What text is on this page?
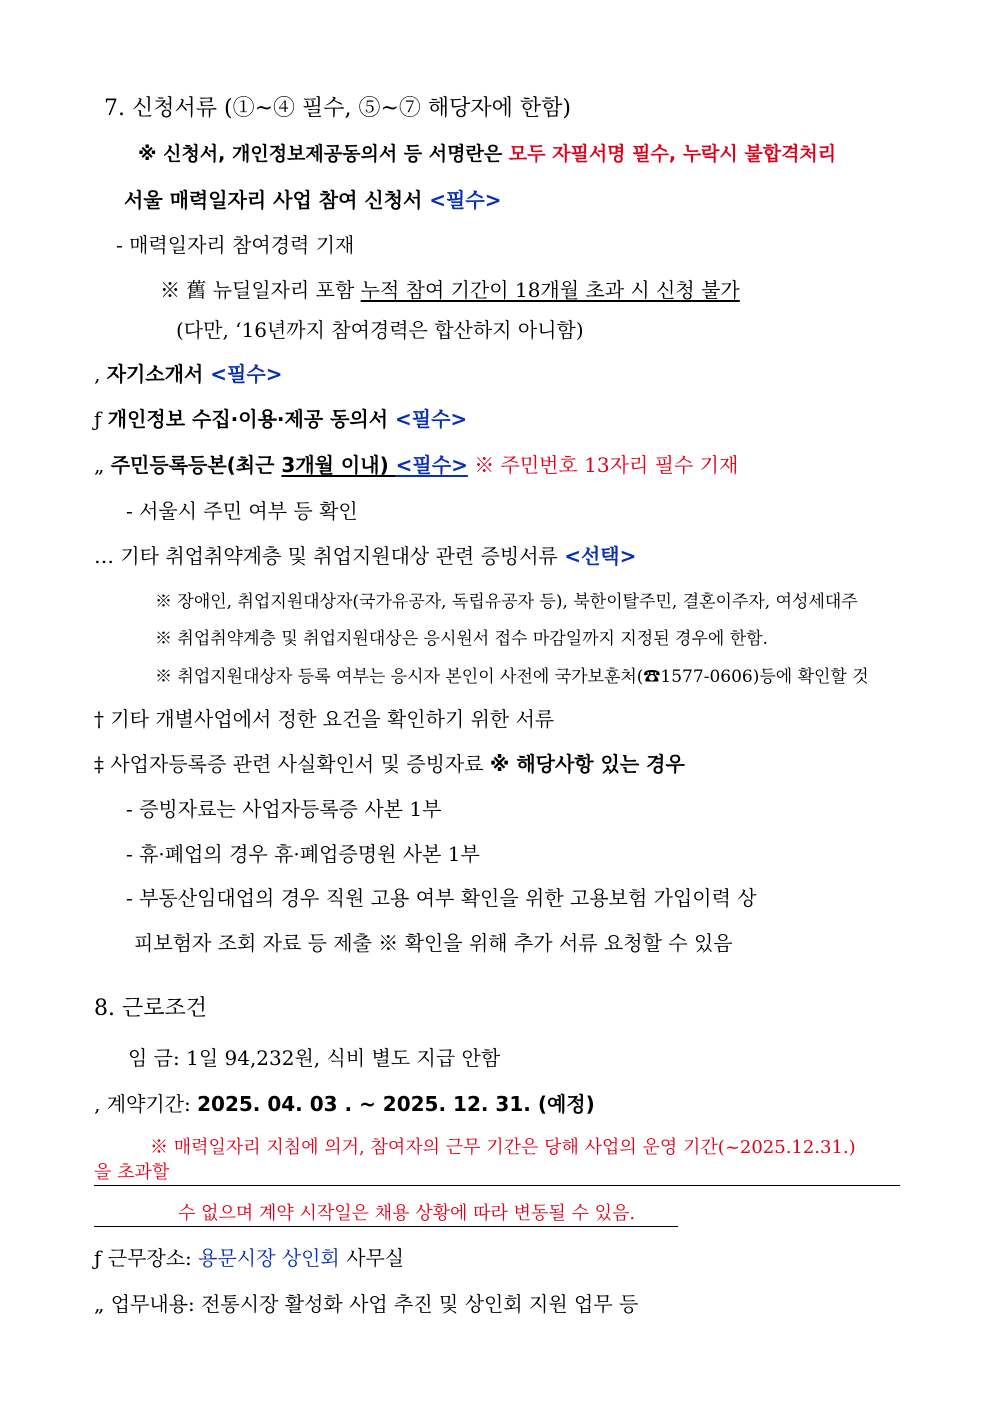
7. 신청서류 (①~④ 필수, ⑤~⑦ 해당자에 한함)
※ 신청서, 개인정보제공동의서 등 서명란은 모두 자필서명 필수, 누락시 불합격처리
서울 매력일자리 사업 참여 신청서 <필수>
- 매력일자리 참여경력 기재
※ 舊 뉴딜일자리 포함 누적 참여 기간이 18개월 초과 시 신청 불가
(다만, ‘16년까지 참여경력은 합산하지 아니함)
‚ 자기소개서 <필수>
ƒ 개인정보 수집·이용·제공 동의서 <필수>
„ 주민등록등본(최근 3개월 이내) <필수> ※ 주민번호 13자리 필수 기재
- 서울시 주민 여부 등 확인
… 기타 취업취약계층 및 취업지원대상 관련 증빙서류 <선택>
※ 장애인, 취업지원대상자(국가유공자, 독립유공자 등), 북한이탈주민, 결혼이주자, 여성세대주
※ 취업취약계층 및 취업지원대상은 응시원서 접수 마감일까지 지정된 경우에 한함.
※ 취업지원대상자 등록 여부는 응시자 본인이 사전에 국가보훈처(☎1577-0606)등에 확인할 것
† 기타 개별사업에서 정한 요건을 확인하기 위한 서류
‡ 사업자등록증 관련 사실확인서 및 증빙자료 ※ 해당사항 있는 경우
- 증빙자료는 사업자등록증 사본 1부
- 휴·폐업의 경우 휴·폐업증명원 사본 1부
- 부동산임대업의 경우 직원 고용 여부 확인을 위한 고용보험 가입이력 상
피보험자 조회 자료 등 제출 ※ 확인을 위해 추가 서류 요청할 수 있음
8. 근로조건
임 금: 1일 94,232원, 식비 별도 지급 안함
‚ 계약기간: 2025. 04. 03 . ~ 2025. 12. 31. (예정)
※ 매력일자리 지침에 의거, 참여자의 근무 기간은 당해 사업의 운영 기간(~2025.12.31.)
을 초과할
수 없으며 계약 시작일은 채용 상황에 따라 변동될 수 있음.
ƒ 근무장소: 용문시장 상인회 사무실
„ 업무내용: 전통시장 활성화 사업 추진 및 상인회 지원 업무 등
